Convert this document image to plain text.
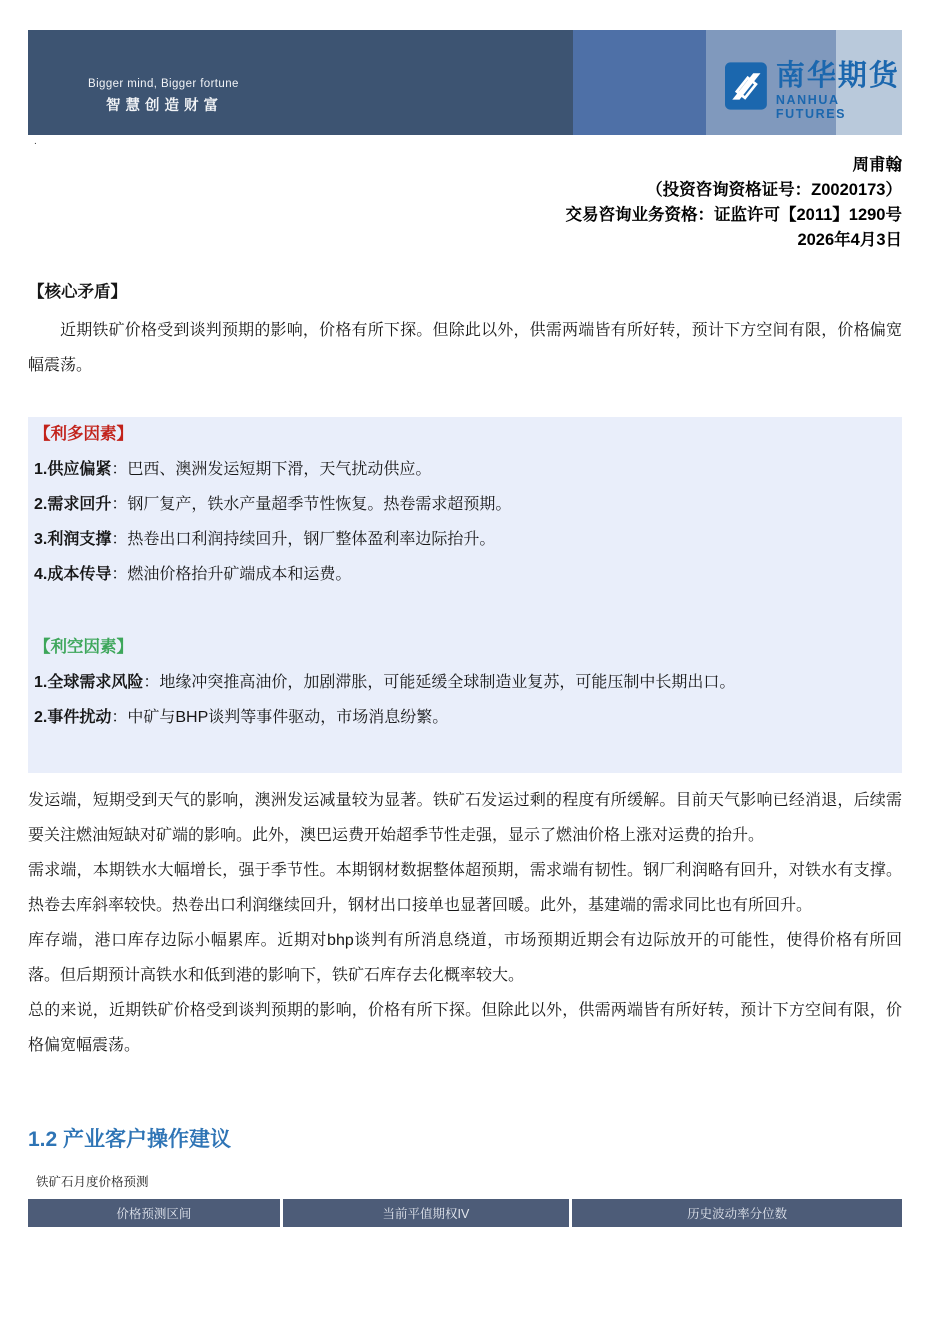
Bigger mind, Bigger fortune
智慧创造财富
南华期货
NANHUA FUTURES
.
周甫翰
（投资咨询资格证号：Z0020173）
交易咨询业务资格：证监许可【2011】1290号
2026年4月3日
【核心矛盾】

近期铁矿价格受到谈判预期的影响，价格有所下探。但除此以外，供需两端皆有所好转，预计下方空间有限，价格偏宽幅震荡。

【利多因素】

1.供应偏紧：巴西、澳洲发运短期下滑，天气扰动供应。

2.需求回升：钢厂复产，铁水产量超季节性恢复。热卷需求超预期。

3.利润支撑：热卷出口利润持续回升，钢厂整体盈利率边际抬升。

4.成本传导：燃油价格抬升矿端成本和运费。

【利空因素】

1.全球需求风险：地缘冲突推高油价，加剧滞胀，可能延缓全球制造业复苏，可能压制中长期出口。

2.事件扰动：中矿与BHP谈判等事件驱动，市场消息纷繁。

发运端，短期受到天气的影响，澳洲发运减量较为显著。铁矿石发运过剩的程度有所缓解。目前天气影响已经消退，后续需要关注燃油短缺对矿端的影响。此外，澳巴运费开始超季节性走强，显示了燃油价格上涨对运费的抬升。

需求端，本期铁水大幅增长，强于季节性。本期钢材数据整体超预期，需求端有韧性。钢厂利润略有回升，对铁水有支撑。热卷去库斜率较快。热卷出口利润继续回升，钢材出口接单也显著回暖。此外，基建端的需求同比也有所回升。

库存端，港口库存边际小幅累库。近期对bhp谈判有所消息绕道，市场预期近期会有边际放开的可能性，使得价格有所回落。但后期预计高铁水和低到港的影响下，铁矿石库存去化概率较大。

总的来说，近期铁矿价格受到谈判预期的影响，价格有所下探。但除此以外，供需两端皆有所好转，预计下方空间有限，价格偏宽幅震荡。

1.2 产业客户操作建议
铁矿石月度价格预测
价格预测区间	当前平值期权IV	历史波动率分位数
